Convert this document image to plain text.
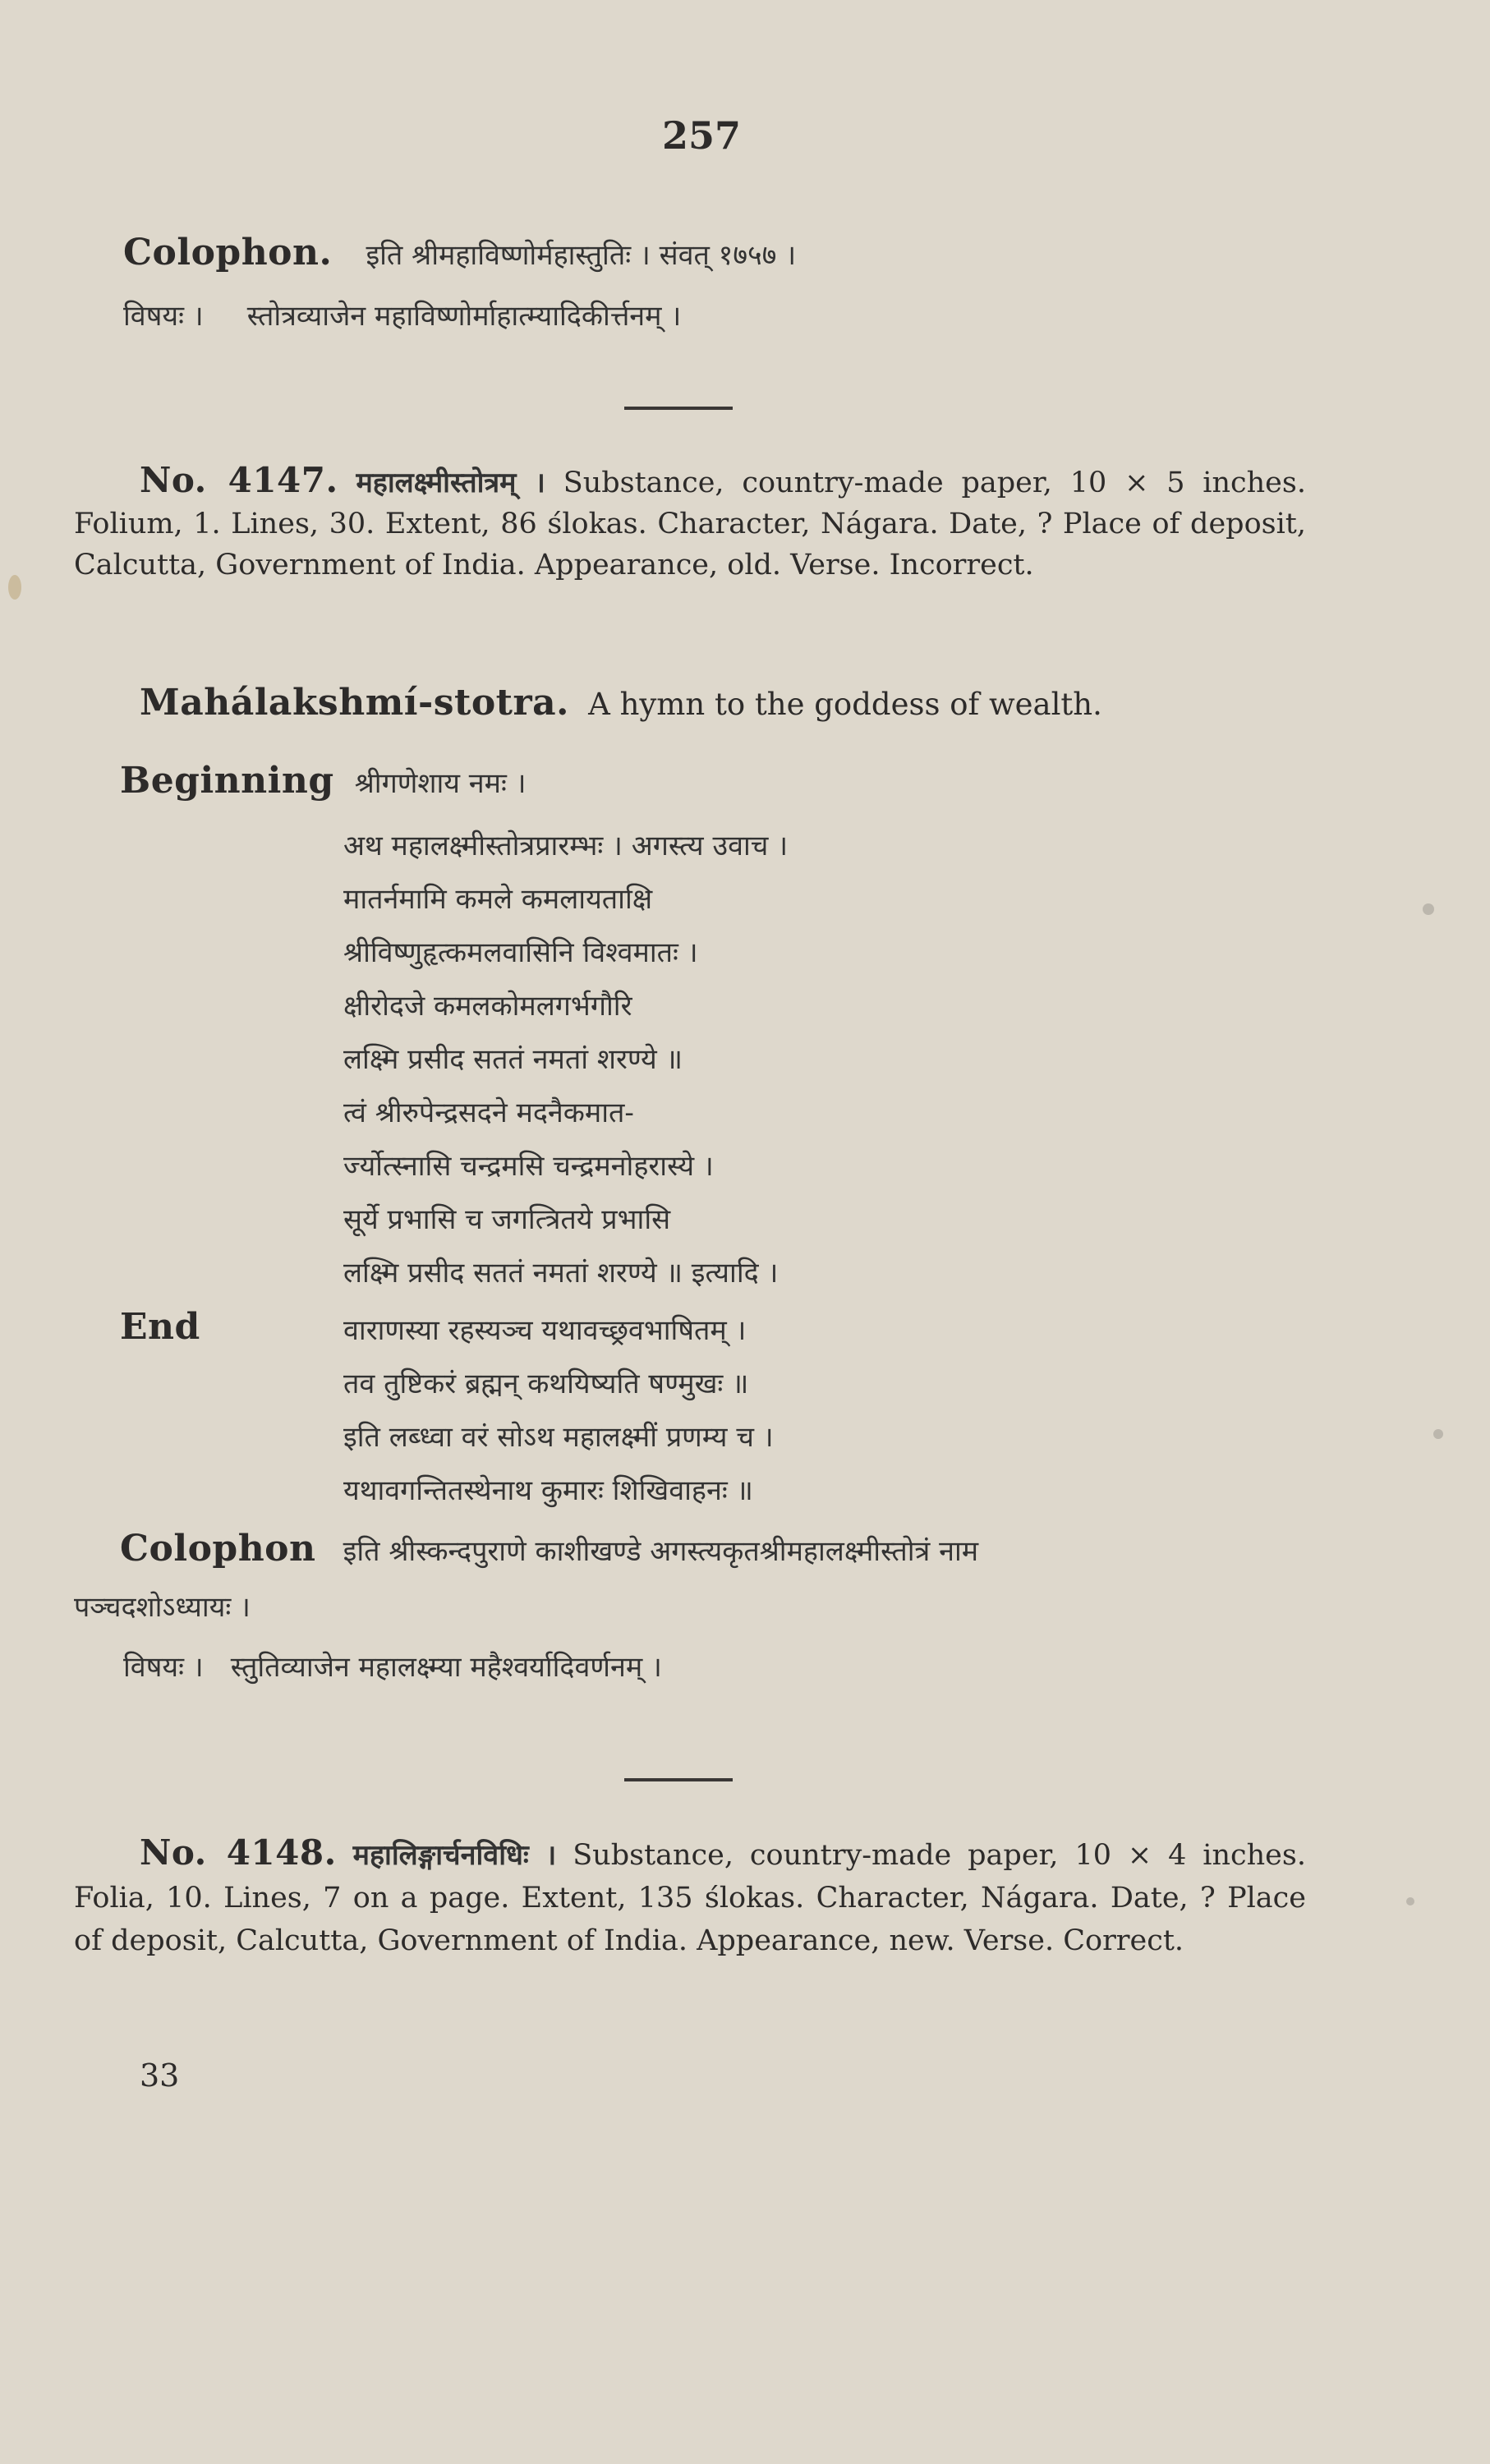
257
Colophon. इति श्रीमहाविष्णोर्महास्तुतिः । संवत् १७५७ ।
विषयः । स्तोत्रव्याजेन महाविष्णोर्माहात्म्यादिकीर्त्तनम् ।
No. 4147. महालक्ष्मीस्तोत्रम् । Substance, country-made paper, 10 × 5 inches. Folium, 1. Lines, 30. Extent, 86 ślokas. Character, Nágara. Date, ? Place of deposit, Calcutta, Government of India. Appearance, old. Verse. Incorrect.
Mahálakshmí-stotra. A hymn to the goddess of wealth.
Beginning श्रीगणेशाय नमः ।
अथ महालक्ष्मीस्तोत्रप्रारम्भः । अगस्त्य उवाच ।
मातर्नमामि कमले कमलायताक्षि
श्रीविष्णुहृत्कमलवासिनि विश्वमातः ।
क्षीरोदजे कमलकोमलगर्भगौरि
लक्ष्मि प्रसीद सततं नमतां शरण्ये ॥
त्वं श्रीरुपेन्द्रसदने मदनैकमात-
र्ज्योत्स्नासि चन्द्रमसि चन्द्रमनोहरास्ये ।
सूर्ये प्रभासि च जगत्त्रितये प्रभासि
लक्ष्मि प्रसीद सततं नमतां शरण्ये ॥ इत्यादि ।
End	वाराणस्या रहस्यञ्च यथावच्छ्रवभाषितम् ।
तव तुष्टिकरं ब्रह्मन् कथयिष्यति षण्मुखः ॥
इति लब्ध्वा वरं सोऽथ महालक्ष्मीं प्रणम्य च ।
यथावगन्तितस्थेनाथ कुमारः शिखिवाहनः ॥
Colophon इति श्रीस्कन्दपुराणे काशीखण्डे अगस्त्यकृतश्रीमहालक्ष्मीस्तोत्रं नाम
पञ्चदशोऽध्यायः ।
विषयः । स्तुतिव्याजेन महालक्ष्म्या महैश्वर्यादिवर्णनम् ।
No. 4148. महालिङ्गार्चनविधिः । Substance, country-made paper, 10 × 4 inches. Folia, 10. Lines, 7 on a page. Extent, 135 ślokas. Character, Nágara. Date, ? Place of deposit, Calcutta, Government of India. Appearance, new. Verse. Correct.
33
